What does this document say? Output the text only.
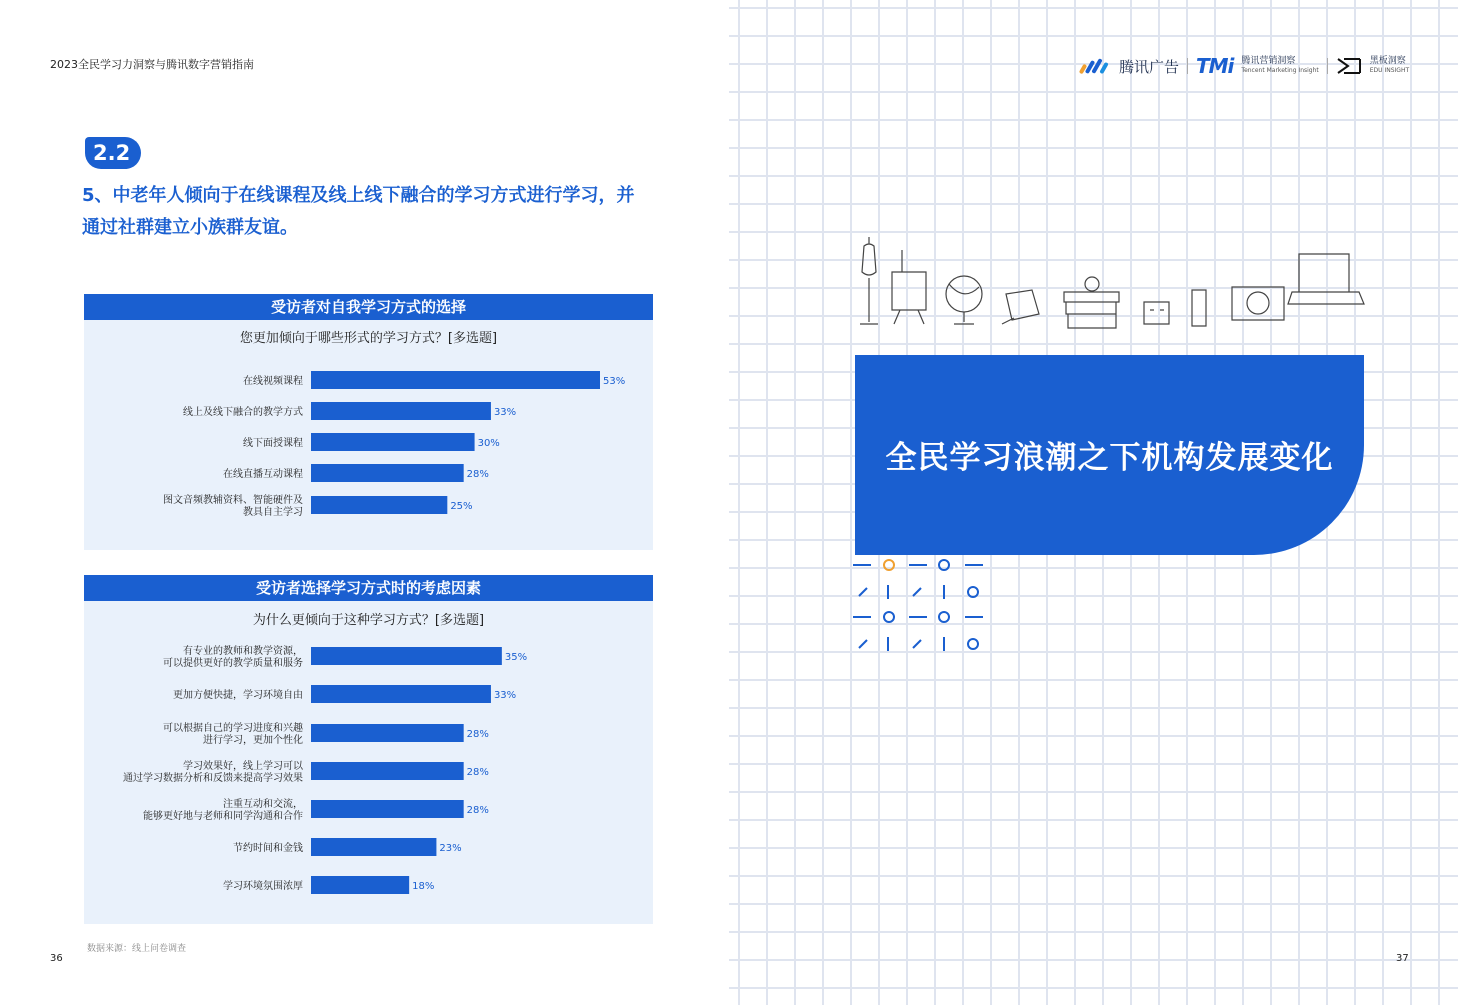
2023全民学习力洞察与腾讯数字营销指南
2.2
5、中老年人倾向于在线课程及线上线下融合的学习方式进行学习，并
通过社群建立小族群友谊。
受访者对自我学习方式的选择
您更加倾向于哪些形式的学习方式？[多选题]
53%
在线视频课程
33%
线上及线下融合的教学方式
30%
线下面授课程
28%
在线直播互动课程
25%
图文音频教辅资料、智能硬件及
教具自主学习
受访者选择学习方式时的考虑因素
为什么更倾向于这种学习方式？[多选题]
35%
有专业的教师和教学资源，
可以提供更好的教学质量和服务
33%
更加方便快捷，学习环境自由
28%
可以根据自己的学习进度和兴趣
进行学习，更加个性化
28%
学习效果好，线上学习可以
通过学习数据分析和反馈来提高学习效果
28%
注重互动和交流，
能够更好地与老师和同学沟通和合作
23%
节约时间和金钱
18%
学习环境氛围浓厚
数据来源：线上问卷调查
36
腾讯广告 TMi 腾讯营销洞察
Tencent Marketing Insight
黑板洞察
EDU INSIGHT
全民学习浪潮之下机构发展变化
37
